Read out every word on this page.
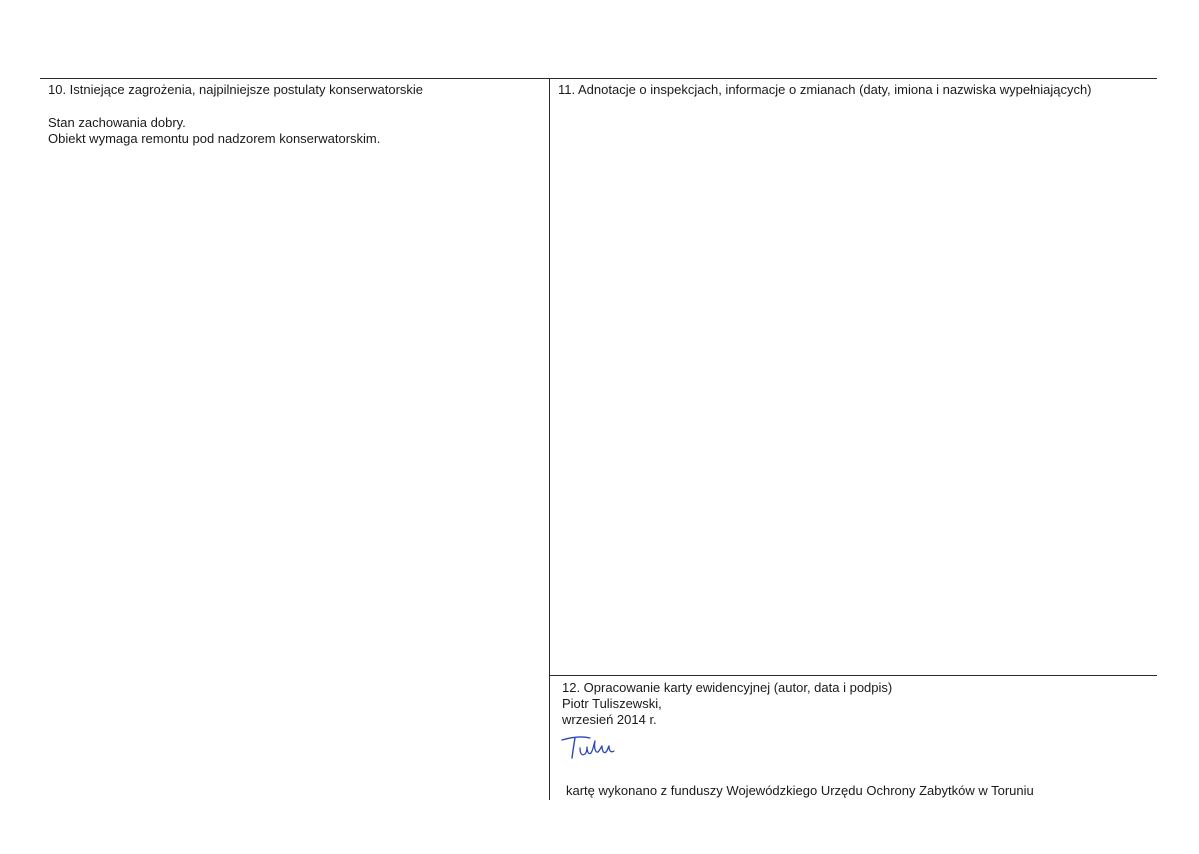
10. Istniejące zagrożenia, najpilniejsze postulaty konserwatorskie

Stan zachowania dobry.

Obiekt wymaga remontu pod nadzorem konserwatorskim.

11. Adnotacje o inspekcjach, informacje o zmianach (daty, imiona i nazwiska wypełniających)

12. Opracowanie karty ewidencyjnej (autor, data i podpis)

Piotr Tuliszewski,

wrzesień 2014 r.

kartę wykonano z funduszy Wojewódzkiego Urzędu Ochrony Zabytków w Toruniu
